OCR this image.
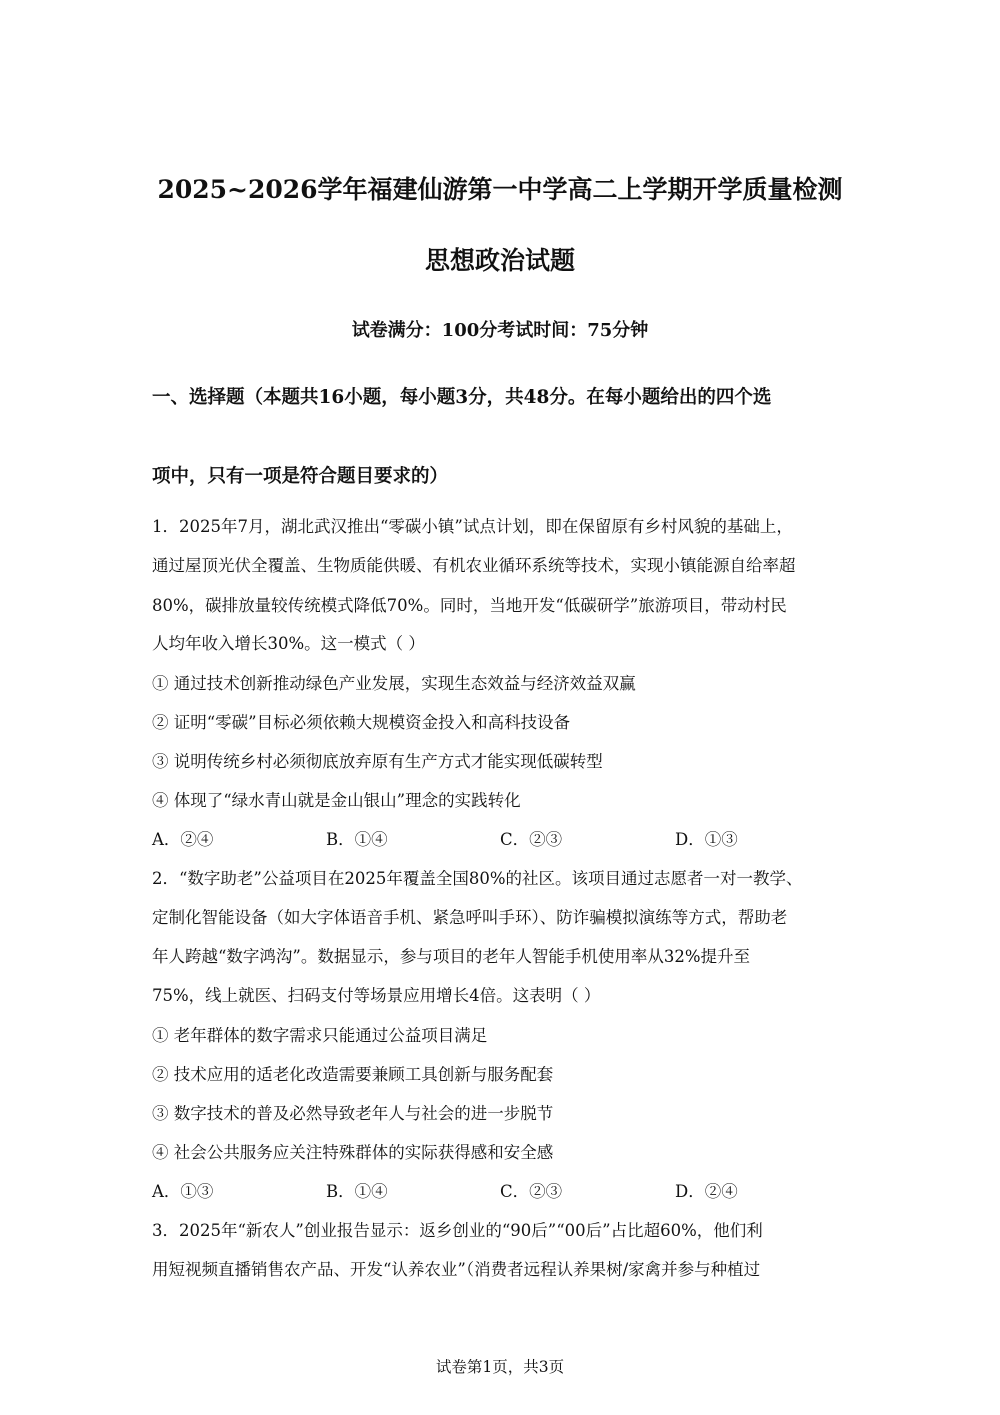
2025~2026学年福建仙游第一中学高二上学期开学质量检测
思想政治试题
试卷满分：100分考试时间：75分钟
一、选择题（本题共16小题，每小题3分，共48分。在每小题给出的四个选
项中，只有一项是符合题目要求的）
1．2025年7月，湖北武汉推出“零碳小镇”试点计划，即在保留原有乡村风貌的基础上，
通过屋顶光伏全覆盖、生物质能供暖、有机农业循环系统等技术，实现小镇能源自给率超
80%，碳排放量较传统模式降低70%。同时，当地开发“低碳研学”旅游项目，带动村民
人均年收入增长30%。这一模式（ ）
① 通过技术创新推动绿色产业发展，实现生态效益与经济效益双赢
② 证明“零碳”目标必须依赖大规模资金投入和高科技设备
③ 说明传统乡村必须彻底放弃原有生产方式才能实现低碳转型
④ 体现了“绿水青山就是金山银山”理念的实践转化
A．②④	B．①④	C．②③	D．①③
2．“数字助老”公益项目在2025年覆盖全国80%的社区。该项目通过志愿者一对一教学、
定制化智能设备（如大字体语音手机、紧急呼叫手环）、防诈骗模拟演练等方式，帮助老
年人跨越“数字鸿沟”。数据显示，参与项目的老年人智能手机使用率从32%提升至
75%，线上就医、扫码支付等场景应用增长4倍。这表明（ ）
① 老年群体的数字需求只能通过公益项目满足
② 技术应用的适老化改造需要兼顾工具创新与服务配套
③ 数字技术的普及必然导致老年人与社会的进一步脱节
④ 社会公共服务应关注特殊群体的实际获得感和安全感
A．①③	B．①④	C．②③	D．②④
3．2025年“新农人”创业报告显示：返乡创业的“90后”“00后”占比超60%，他们利
用短视频直播销售农产品、开发“认养农业”（消费者远程认养果树/家禽并参与种植过
试卷第1页，共3页
